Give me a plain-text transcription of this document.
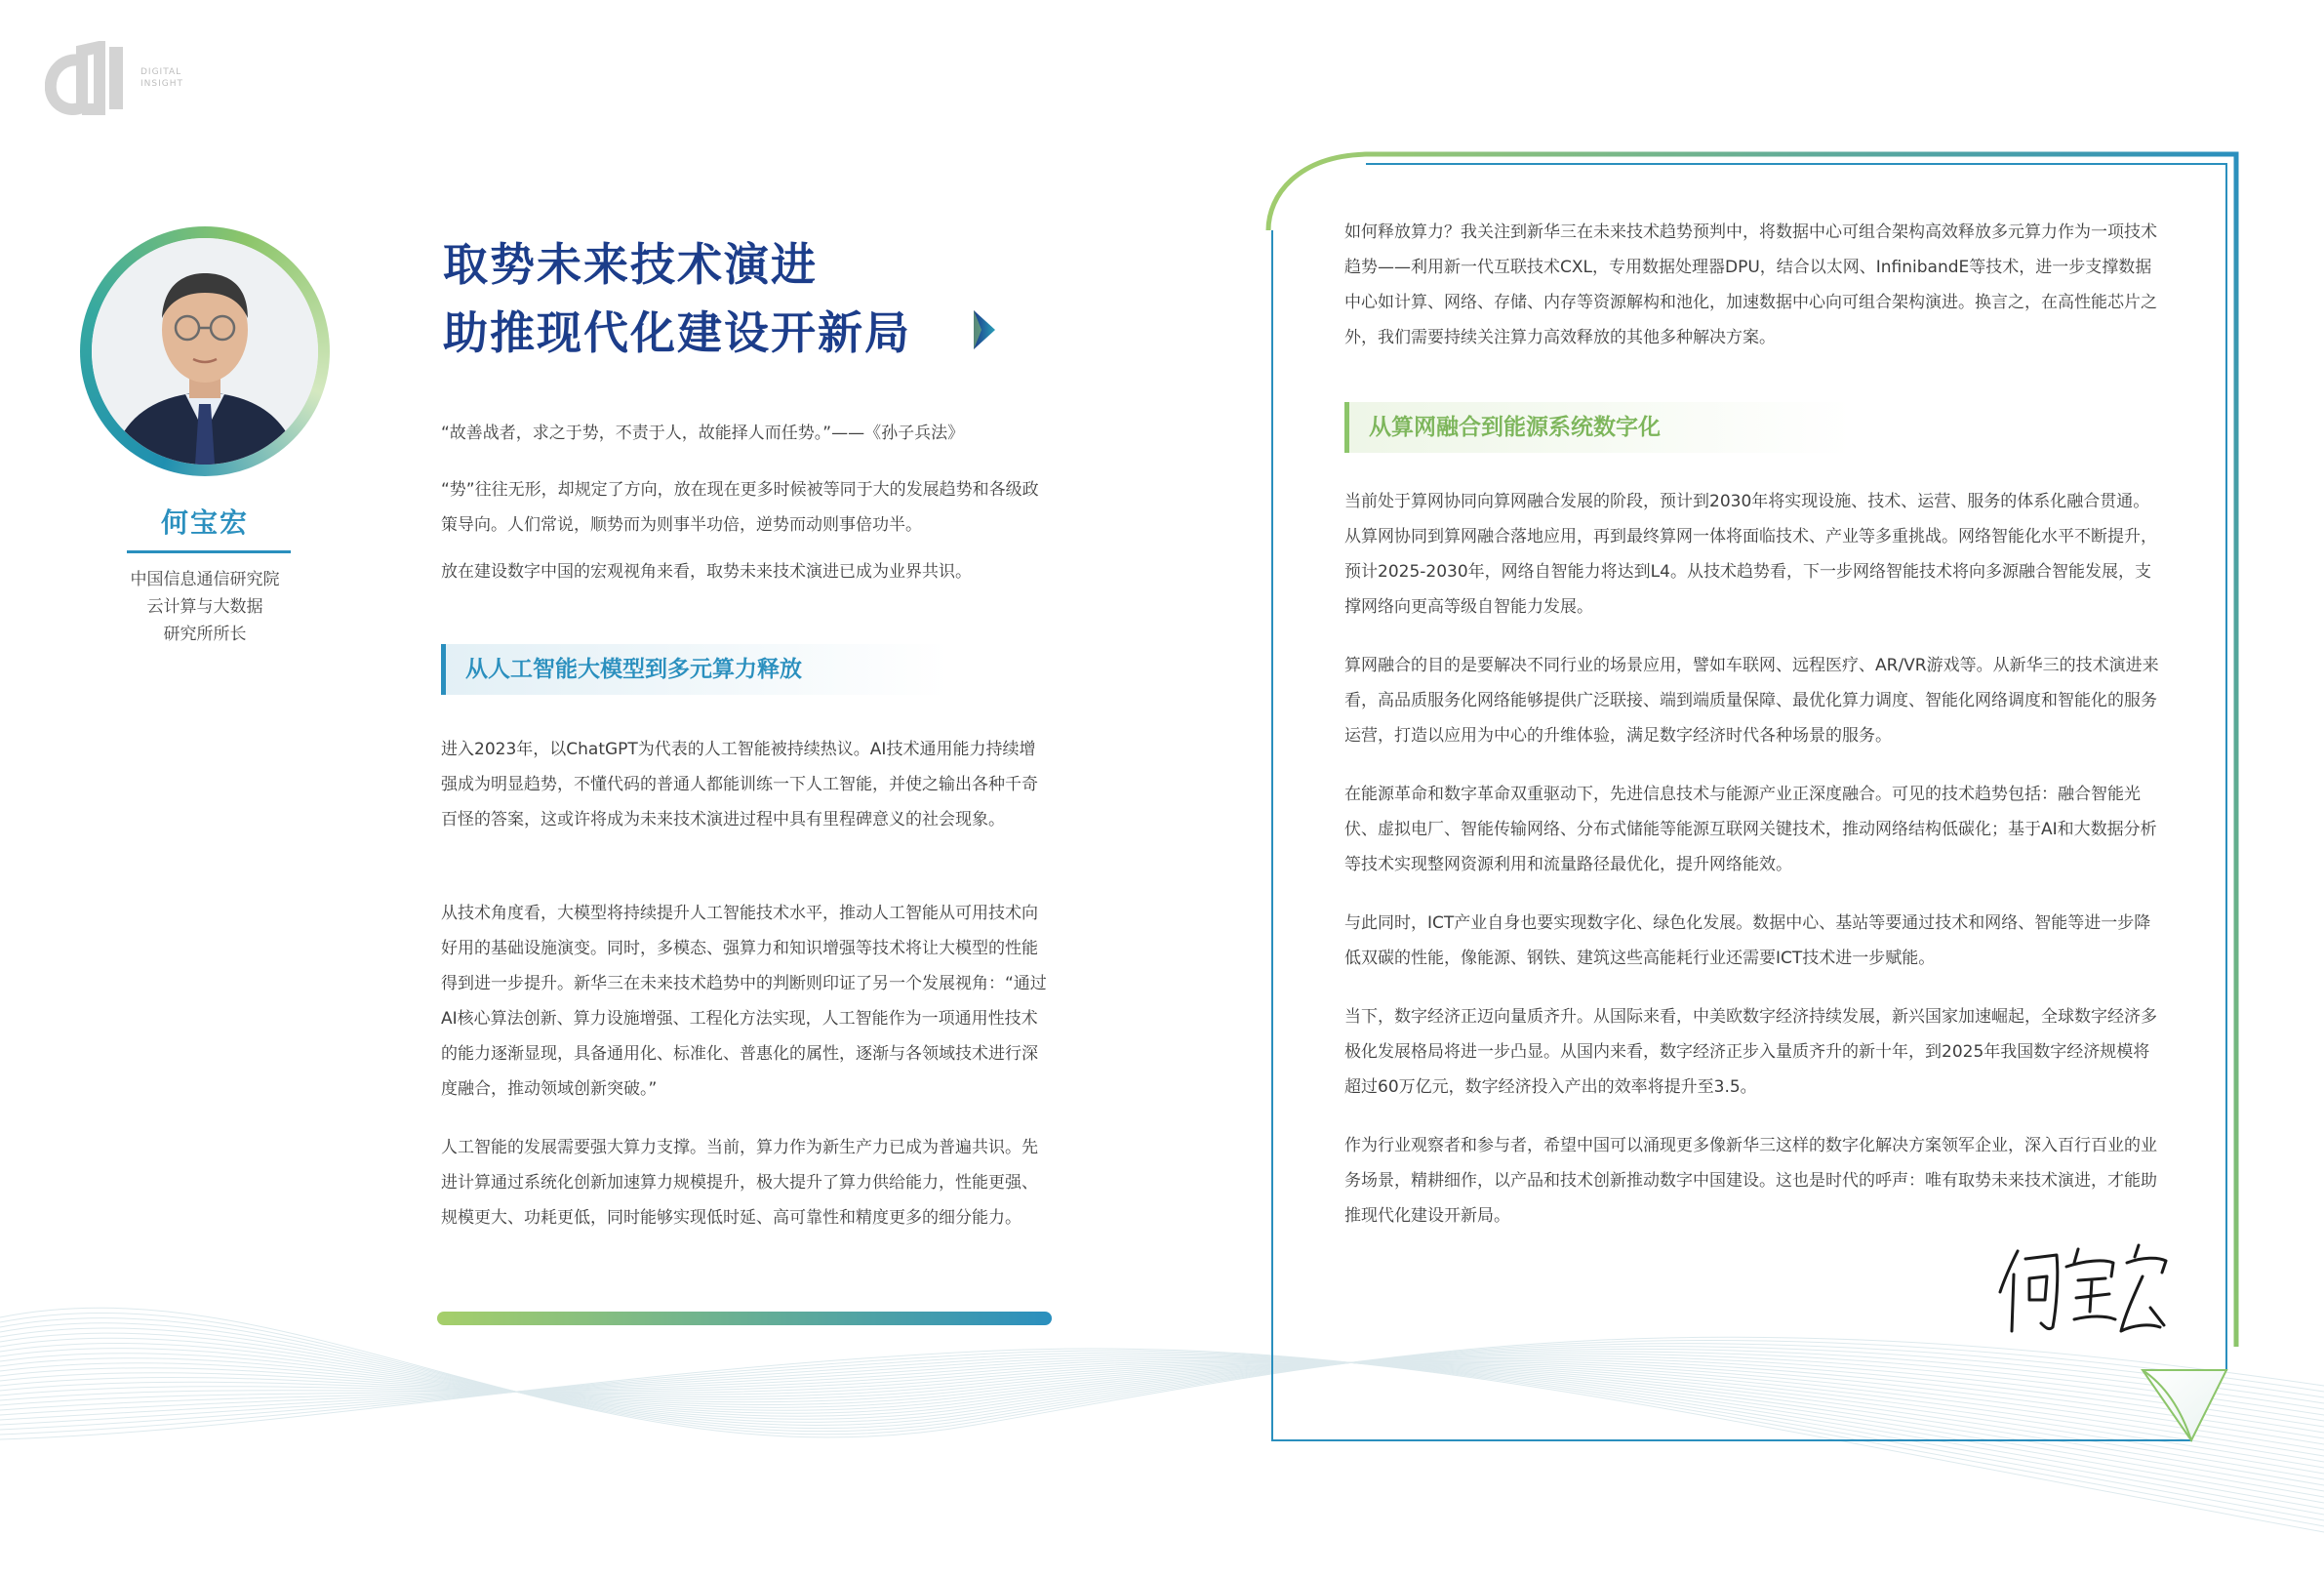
DIGITAL
INSIGHT
何宝宏
中国信息通信研究院
云计算与大数据
研究所所长
取势未来技术演进
助推现代化建设开新局

“故善战者，求之于势，不责于人，故能择人而任势。”——《孙子兵法》

“势”往往无形，却规定了方向，放在现在更多时候被等同于大的发展趋势和各级政策导向。人们常说，顺势而为则事半功倍，逆势而动则事倍功半。

放在建设数字中国的宏观视角来看，取势未来技术演进已成为业界共识。

从人工智能大模型到多元算力释放

进入2023年，以ChatGPT为代表的人工智能被持续热议。AI技术通用能力持续增强成为明显趋势，不懂代码的普通人都能训练一下人工智能，并使之输出各种千奇百怪的答案，这或许将成为未来技术演进过程中具有里程碑意义的社会现象。

从技术角度看，大模型将持续提升人工智能技术水平，推动人工智能从可用技术向好用的基础设施演变。同时，多模态、强算力和知识增强等技术将让大模型的性能得到进一步提升。新华三在未来技术趋势中的判断则印证了另一个发展视角：“通过AI核心算法创新、算力设施增强、工程化方法实现，人工智能作为一项通用性技术的能力逐渐显现，具备通用化、标准化、普惠化的属性，逐渐与各领域技术进行深度融合，推动领域创新突破。”

人工智能的发展需要强大算力支撑。当前，算力作为新生产力已成为普遍共识。先进计算通过系统化创新加速算力规模提升，极大提升了算力供给能力，性能更强、规模更大、功耗更低，同时能够实现低时延、高可靠性和精度更多的细分能力。

如何释放算力？我关注到新华三在未来技术趋势预判中，将数据中心可组合架构高效释放多元算力作为一项技术趋势——利用新一代互联技术CXL，专用数据处理器DPU，结合以太网、InfinibandE等技术，进一步支撑数据中心如计算、网络、存储、内存等资源解构和池化，加速数据中心向可组合架构演进。换言之，在高性能芯片之外，我们需要持续关注算力高效释放的其他多种解决方案。

从算网融合到能源系统数字化

当前处于算网协同向算网融合发展的阶段，预计到2030年将实现设施、技术、运营、服务的体系化融合贯通。从算网协同到算网融合落地应用，再到最终算网一体将面临技术、产业等多重挑战。网络智能化水平不断提升，预计2025-2030年，网络自智能力将达到L4。从技术趋势看，下一步网络智能技术将向多源融合智能发展，支撑网络向更高等级自智能力发展。

算网融合的目的是要解决不同行业的场景应用，譬如车联网、远程医疗、AR/VR游戏等。从新华三的技术演进来看，高品质服务化网络能够提供广泛联接、端到端质量保障、最优化算力调度、智能化网络调度和智能化的服务运营，打造以应用为中心的升维体验，满足数字经济时代各种场景的服务。

在能源革命和数字革命双重驱动下，先进信息技术与能源产业正深度融合。可见的技术趋势包括：融合智能光伏、虚拟电厂、智能传输网络、分布式储能等能源互联网关键技术，推动网络结构低碳化；基于AI和大数据分析等技术实现整网资源利用和流量路径最优化，提升网络能效。

与此同时，ICT产业自身也要实现数字化、绿色化发展。数据中心、基站等要通过技术和网络、智能等进一步降低双碳的性能，像能源、钢铁、建筑这些高能耗行业还需要ICT技术进一步赋能。

当下，数字经济正迈向量质齐升。从国际来看，中美欧数字经济持续发展，新兴国家加速崛起，全球数字经济多极化发展格局将进一步凸显。从国内来看，数字经济正步入量质齐升的新十年，到2025年我国数字经济规模将超过60万亿元，数字经济投入产出的效率将提升至3.5。

作为行业观察者和参与者，希望中国可以涌现更多像新华三这样的数字化解决方案领军企业，深入百行百业的业务场景，精耕细作，以产品和技术创新推动数字中国建设。这也是时代的呼声：唯有取势未来技术演进，才能助推现代化建设开新局。
